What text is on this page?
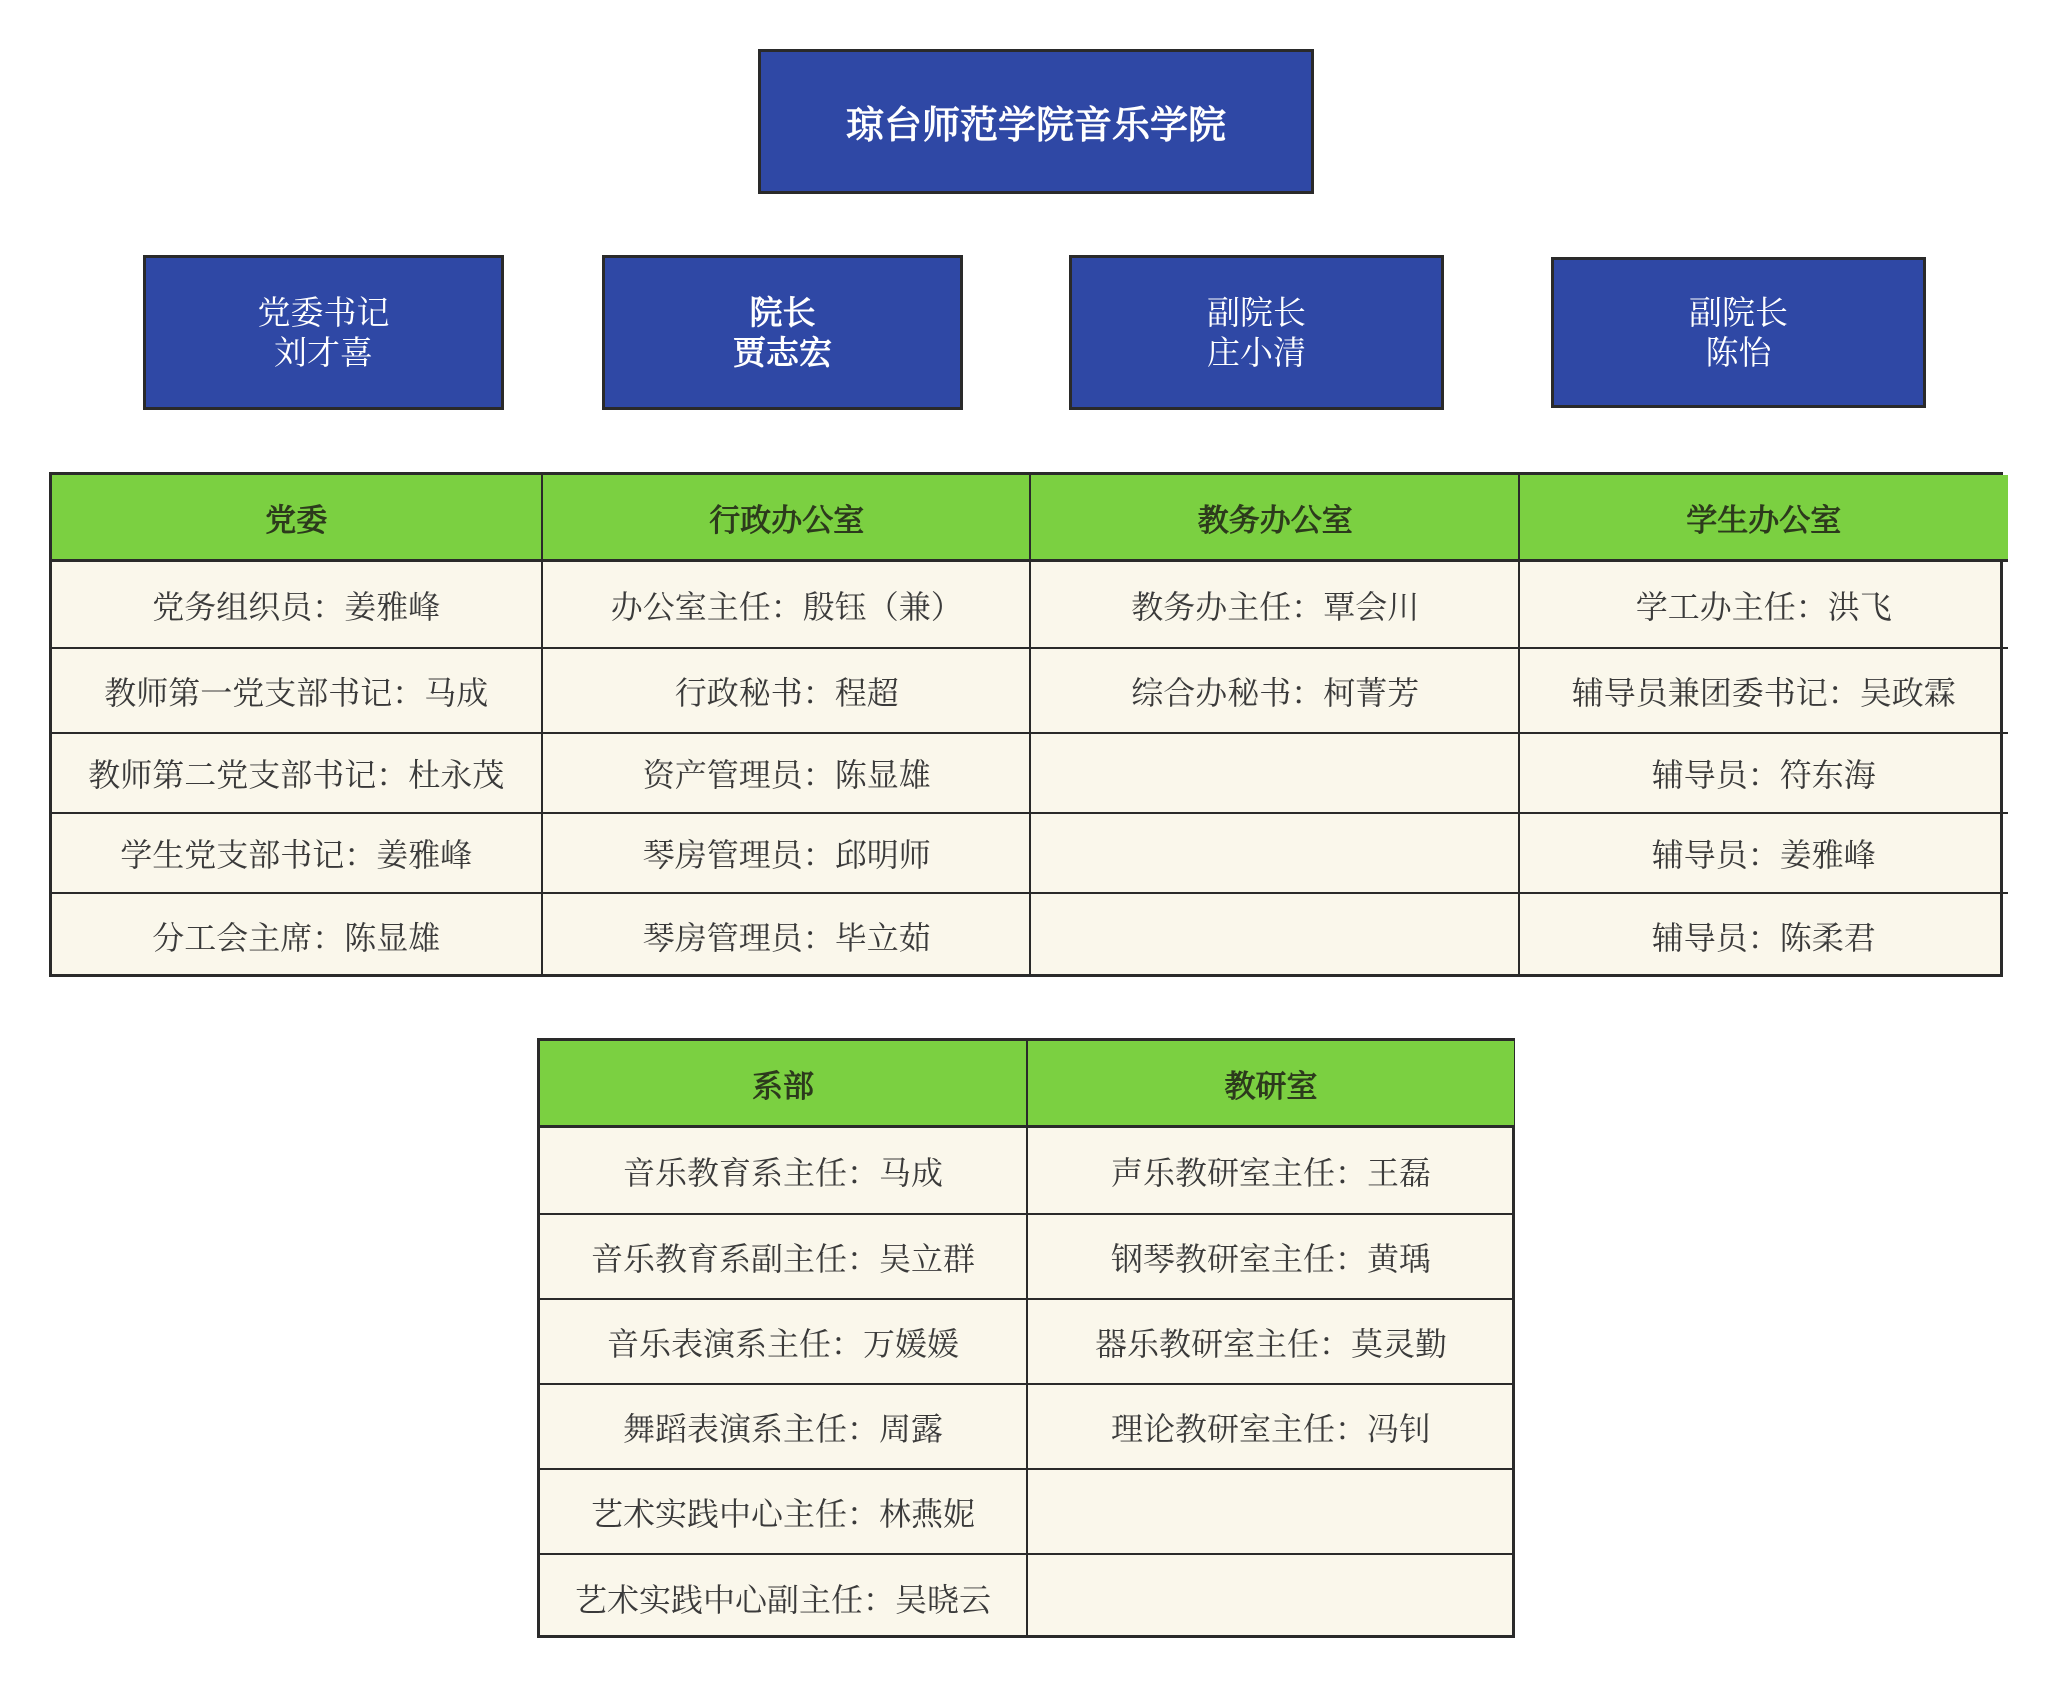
琼台师范学院音乐学院
党委书记
刘才喜
院长
贾志宏
副院长
庄小清
副院长
陈怡
党委
党务组织员：姜雅峰
教师第一党支部书记：马成
教师第二党支部书记：杜永茂
学生党支部书记：姜雅峰
分工会主席：陈显雄
行政办公室
办公室主任：殷钰（兼）
行政秘书：程超
资产管理员：陈显雄
琴房管理员：邱明师
琴房管理员：毕立茹
教务办公室
教务办主任：覃会川
综合办秘书：柯菁芳
学生办公室
学工办主任：洪飞
辅导员兼团委书记：吴政霖
辅导员：符东海
辅导员：姜雅峰
辅导员：陈柔君
系部
音乐教育系主任：马成
音乐教育系副主任：吴立群
音乐表演系主任：万媛媛
舞蹈表演系主任：周露
艺术实践中心主任：林燕妮
艺术实践中心副主任：吴晓云
教研室
声乐教研室主任：王磊
钢琴教研室主任：黄瑀
器乐教研室主任：莫灵勤
理论教研室主任：冯钊
